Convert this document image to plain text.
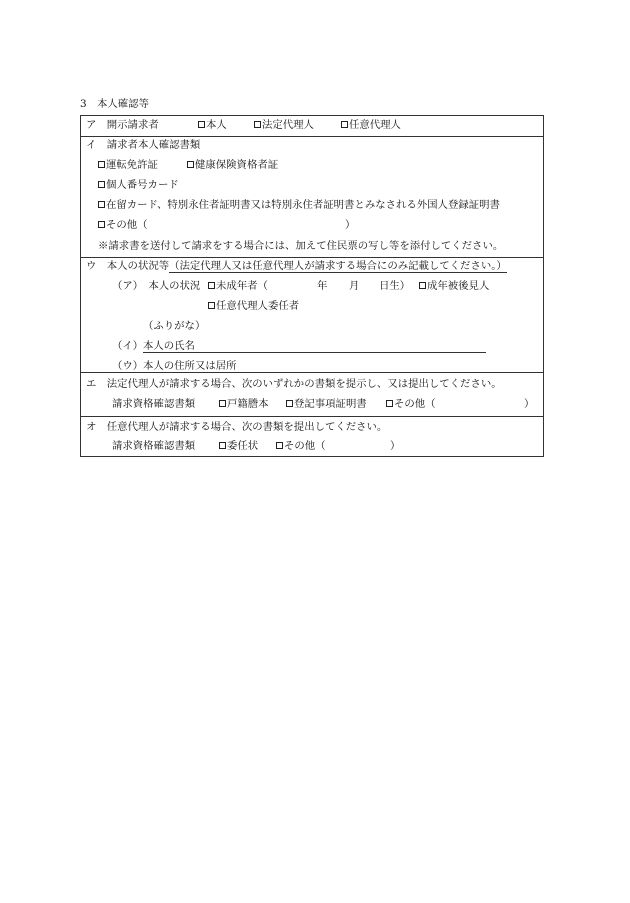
3　本人確認等
ア　開示請求者	本人	法定代理人	任意代理人
イ　請求者本人確認書類
運転免許証	健康保険資格者証
個人番号カード
在留カード、特別永住者証明書又は特別永住者証明書とみなされる外国人登録証明書
その他（	）
※請求書を送付して請求をする場合には、加えて住民票の写し等を添付してください。
ウ　本人の状況等（法定代理人又は任意代理人が請求する場合にのみ記載してください。）
（ア）　本人の状況	未成年者（	年 月 日生）	成年被後見人
任意代理人委任者
（ふりがな）
（イ） 本人の氏名
（ウ） 本人の住所又は居所
エ　法定代理人が請求する場合、次のいずれかの書類を提示し、又は提出してください。
請求資格確認書類	戸籍謄本	登記事項証明書	その他（	）
オ　任意代理人が請求する場合、次の書類を提出してください。
請求資格確認書類	委任状	その他（	）
